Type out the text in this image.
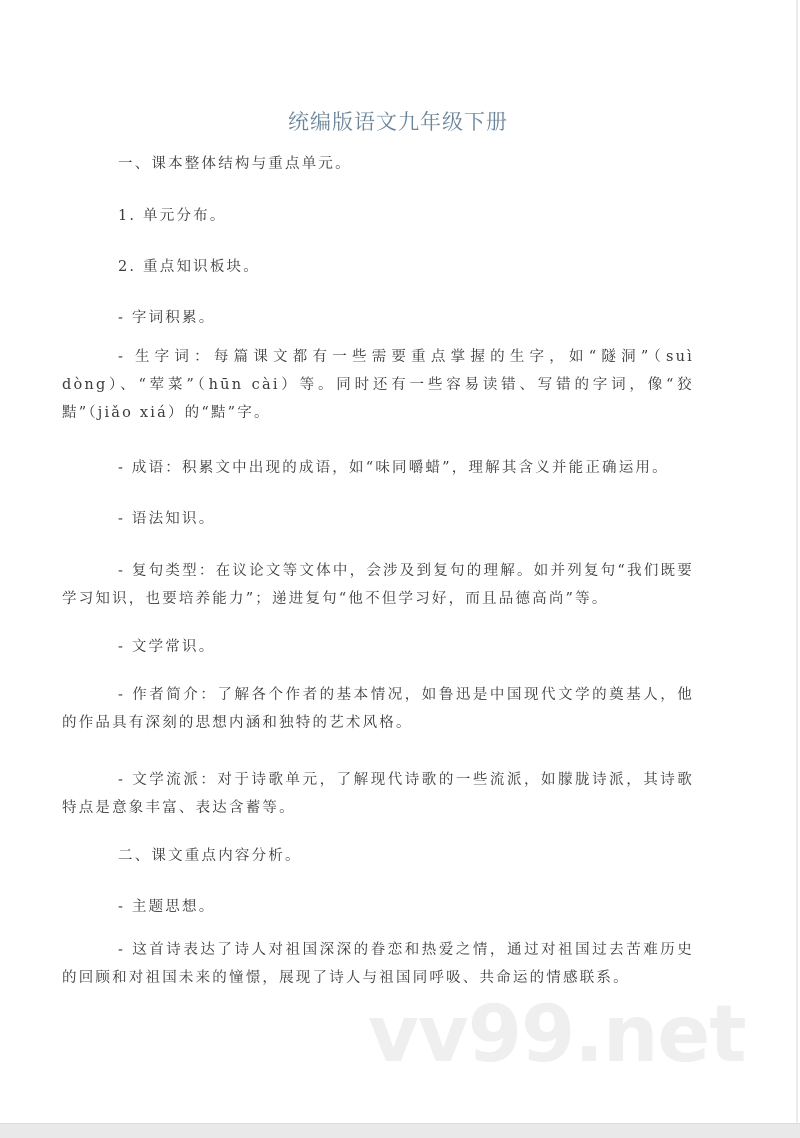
统编版语文九年级下册

一、课本整体结构与重点单元。

1. 单元分布。

2. 重点知识板块。

- 字词积累。

- 生字词：每篇课文都有一些需要重点掌握的生字，如“隧洞”（suì dòng）、“荤菜”（hūn cài）等。同时还有一些容易读错、写错的字词，像“狡黠”（jiǎo xiá）的“黠”字。

- 成语：积累文中出现的成语，如“味同嚼蜡”，理解其含义并能正确运用。

- 语法知识。

- 复句类型：在议论文等文体中，会涉及到复句的理解。如并列复句“我们既要学习知识，也要培养能力”；递进复句“他不但学习好，而且品德高尚”等。

- 文学常识。

- 作者简介：了解各个作者的基本情况，如鲁迅是中国现代文学的奠基人，他的作品具有深刻的思想内涵和独特的艺术风格。

- 文学流派：对于诗歌单元，了解现代诗歌的一些流派，如朦胧诗派，其诗歌特点是意象丰富、表达含蓄等。

二、课文重点内容分析。

- 主题思想。

- 这首诗表达了诗人对祖国深深的眷恋和热爱之情，通过对祖国过去苦难历史的回顾和对祖国未来的憧憬，展现了诗人与祖国同呼吸、共命运的情感联系。

vv99.net
